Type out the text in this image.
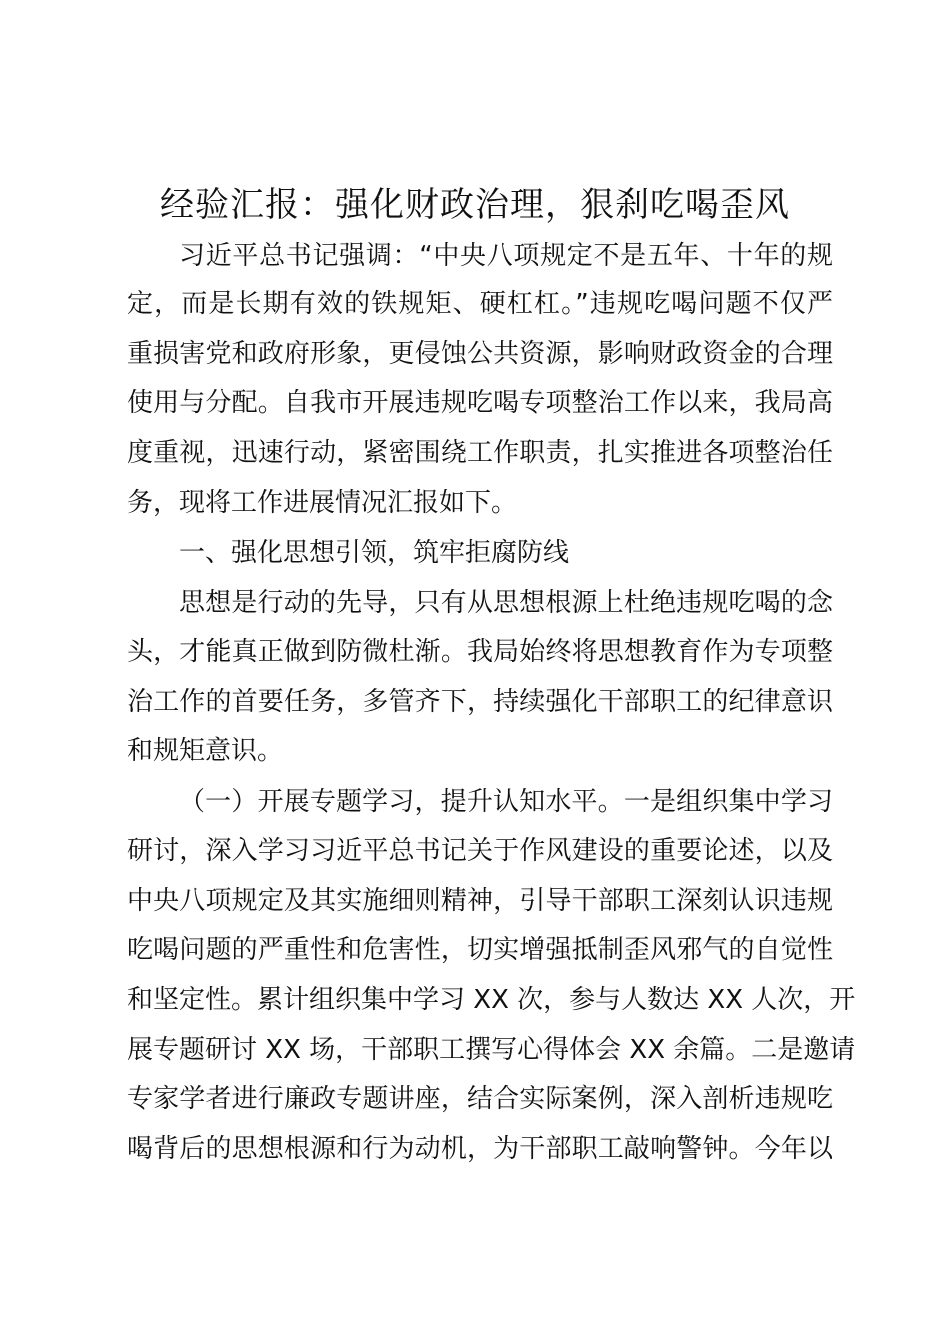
经验汇报：强化财政治理，狠刹吃喝歪风

习近平总书记强调：“中央八项规定不是五年、十年的规

定，而是长期有效的铁规矩、硬杠杠。”违规吃喝问题不仅严

重损害党和政府形象，更侵蚀公共资源，影响财政资金的合理

使用与分配。自我市开展违规吃喝专项整治工作以来，我局高

度重视，迅速行动，紧密围绕工作职责，扎实推进各项整治任

务，现将工作进展情况汇报如下。

一、强化思想引领，筑牢拒腐防线

思想是行动的先导，只有从思想根源上杜绝违规吃喝的念

头，才能真正做到防微杜渐。我局始终将思想教育作为专项整

治工作的首要任务，多管齐下，持续强化干部职工的纪律意识

和规矩意识。

（一）开展专题学习，提升认知水平。一是组织集中学习

研讨，深入学习习近平总书记关于作风建设的重要论述，以及

中央八项规定及其实施细则精神，引导干部职工深刻认识违规

吃喝问题的严重性和危害性，切实增强抵制歪风邪气的自觉性

和坚定性。累计组织集中学习 XX 次，参与人数达 XX 人次，开

展专题研讨 XX 场，干部职工撰写心得体会 XX 余篇。二是邀请

专家学者进行廉政专题讲座，结合实际案例，深入剖析违规吃

喝背后的思想根源和行为动机，为干部职工敲响警钟。今年以
